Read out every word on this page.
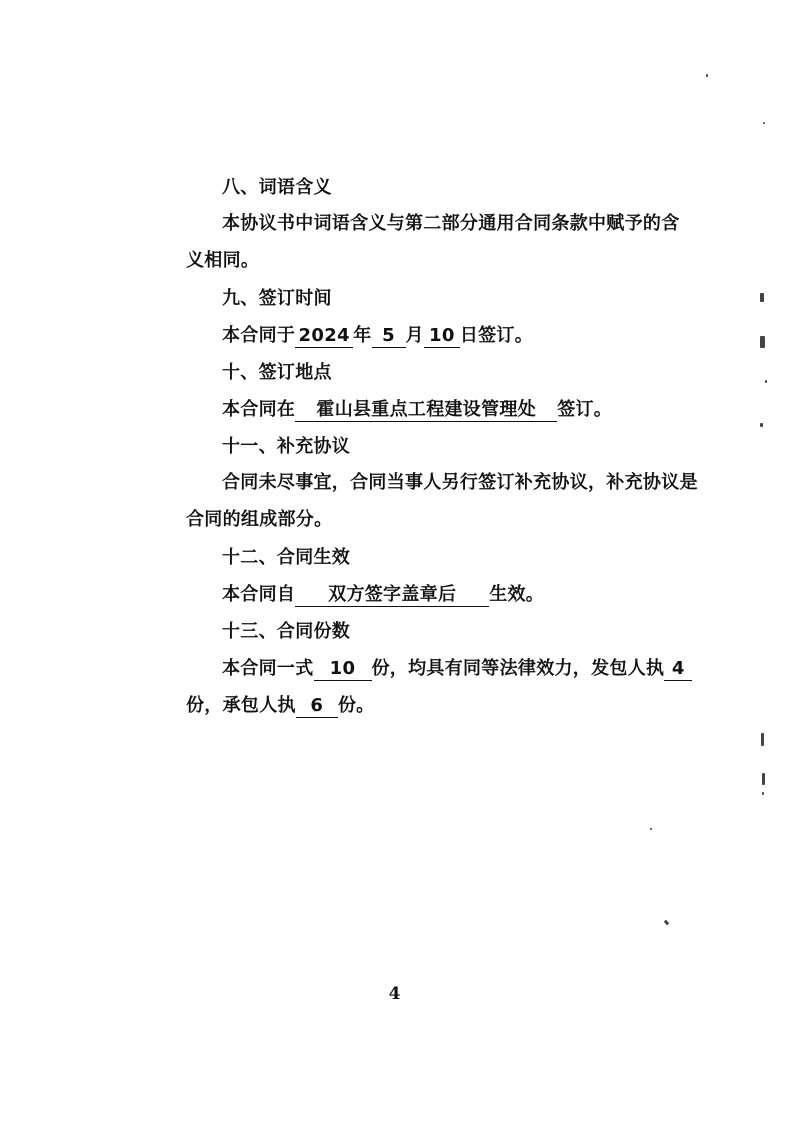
八、词语含义
本协议书中词语含义与第二部分通用合同条款中赋予的含
义相同。
九、签订时间
本合同于 2024 年 5 月 10 日签订。
十、签订地点
本合同在 霍山县重点工程建设管理处 签订。
十一、补充协议
合同未尽事宜，合同当事人另行签订补充协议，补充协议是
合同的组成部分。
十二、合同生效
本合同自 双方签字盖章后 生效。
十三、合同份数
本合同一式 10 份，均具有同等法律效力，发包人执 4
份，承包人执 6 份。
4
